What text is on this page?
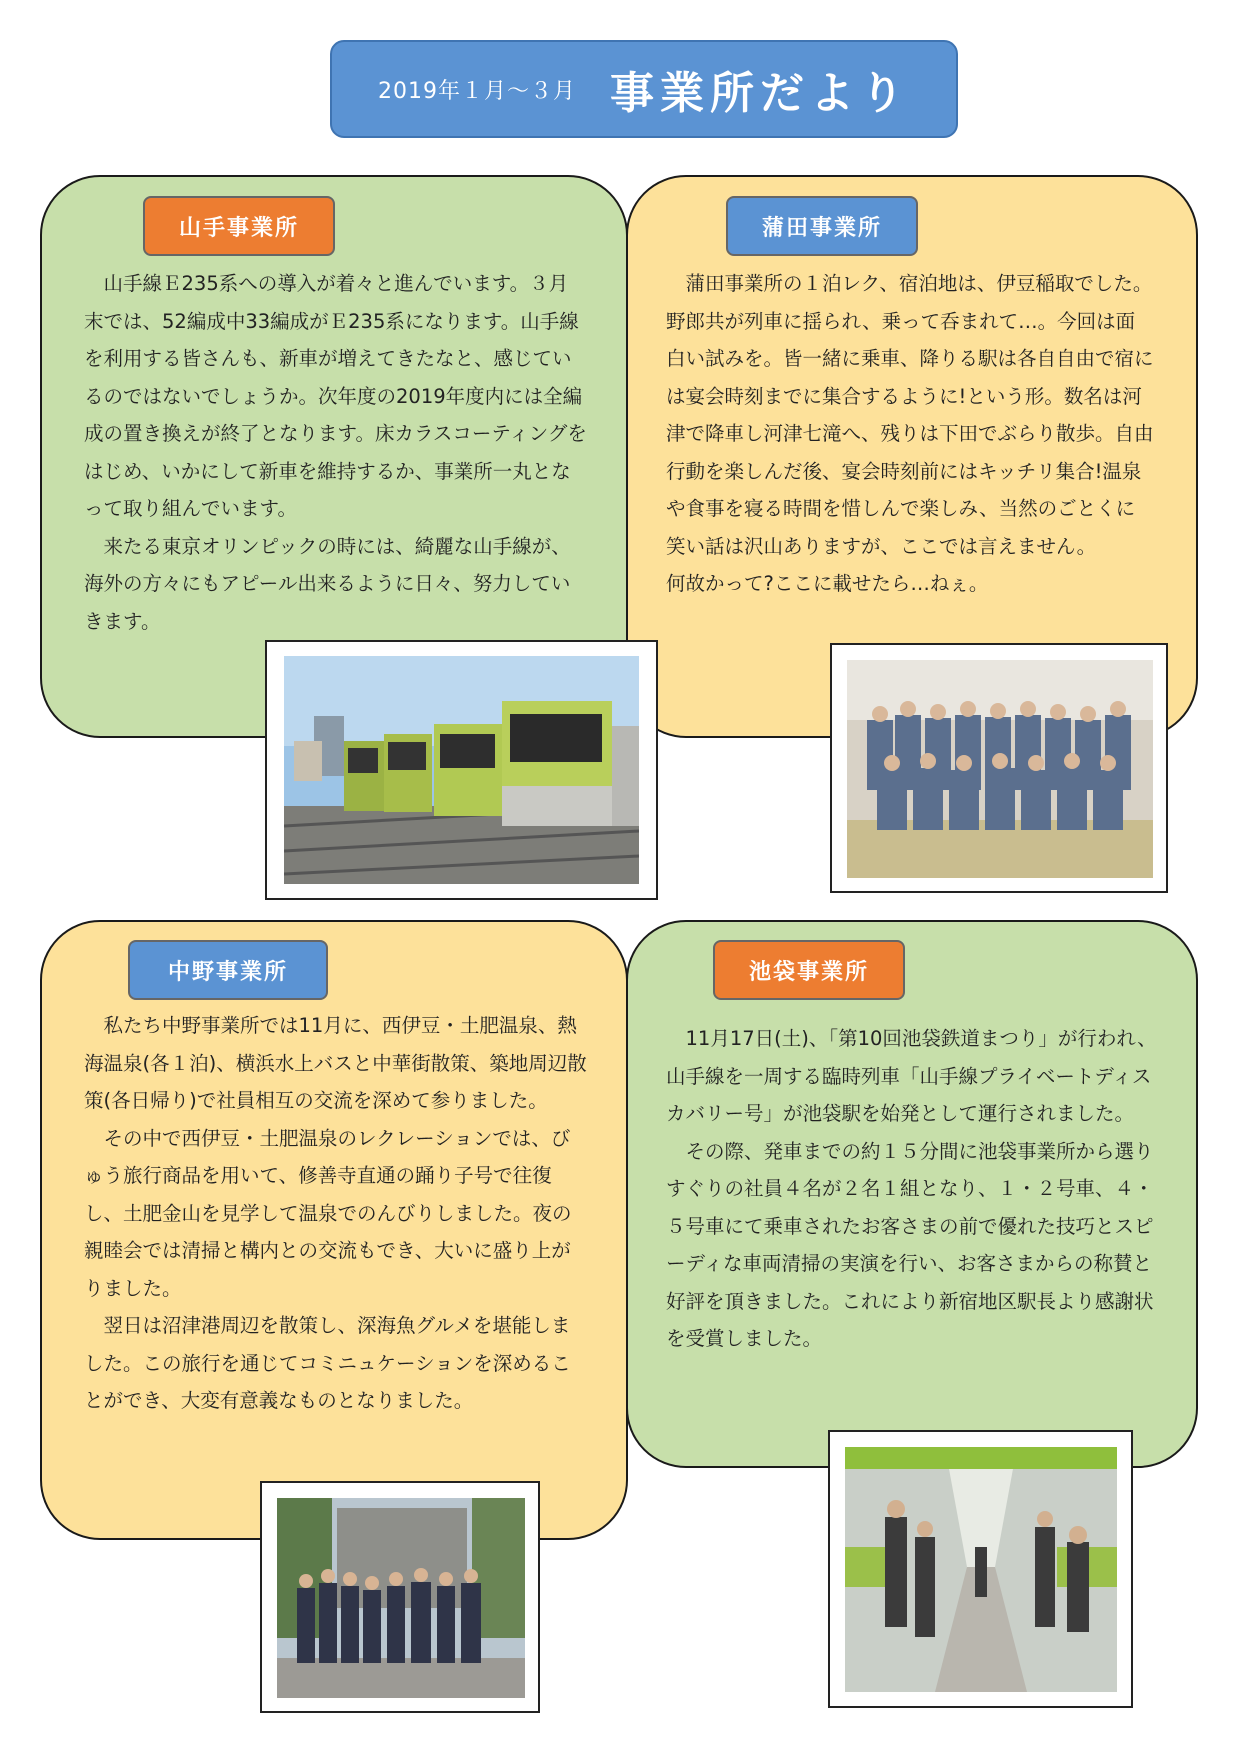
2019年１月～３月 事業所だより
山手事業所

山手線Ｅ235系への導入が着々と進んでいます。３月末では、52編成中33編成がＥ235系になります。山手線を利用する皆さんも、新車が増えてきたなと、感じているのではないでしょうか。次年度の2019年度内には全編成の置き換えが終了となります。床カラスコーティングをはじめ、いかにして新車を維持するか、事業所一丸となって取り組んでいます。

来たる東京オリンピックの時には、綺麗な山手線が、海外の方々にもアピール出来るように日々、努力していきます。

蒲田事業所

蒲田事業所の１泊レク、宿泊地は、伊豆稲取でした。野郎共が列車に揺られ、乗って呑まれて…。今回は面白い試みを。皆一緒に乗車、降りる駅は各自自由で宿には宴会時刻までに集合するように!という形。数名は河津で降車し河津七滝へ、残りは下田でぶらり散歩。自由行動を楽しんだ後、宴会時刻前にはキッチリ集合!温泉や食事を寝る時間を惜しんで楽しみ、当然のごとくに笑い話は沢山ありますが、ここでは言えません。

何故かって?ここに載せたら…ねぇ。

中野事業所

私たち中野事業所では11月に、西伊豆・土肥温泉、熱海温泉(各１泊)、横浜水上バスと中華街散策、築地周辺散策(各日帰り)で社員相互の交流を深めて参りました。

その中で西伊豆・土肥温泉のレクレーションでは、びゅう旅行商品を用いて、修善寺直通の踊り子号で往復し、土肥金山を見学して温泉でのんびりしました。夜の親睦会では清掃と構内との交流もでき、大いに盛り上がりました。

翌日は沼津港周辺を散策し、深海魚グルメを堪能しました。この旅行を通じてコミニュケーションを深めることができ、大変有意義なものとなりました。

池袋事業所

11月17日(土)、「第10回池袋鉄道まつり」が行われ、山手線を一周する臨時列車「山手線プライベートディスカバリー号」が池袋駅を始発として運行されました。

その際、発車までの約１５分間に池袋事業所から選りすぐりの社員４名が２名１組となり、１・２号車、４・５号車にて乗車されたお客さまの前で優れた技巧とスピーディな車両清掃の実演を行い、お客さまからの称賛と好評を頂きました。これにより新宿地区駅長より感謝状を受賞しました。
